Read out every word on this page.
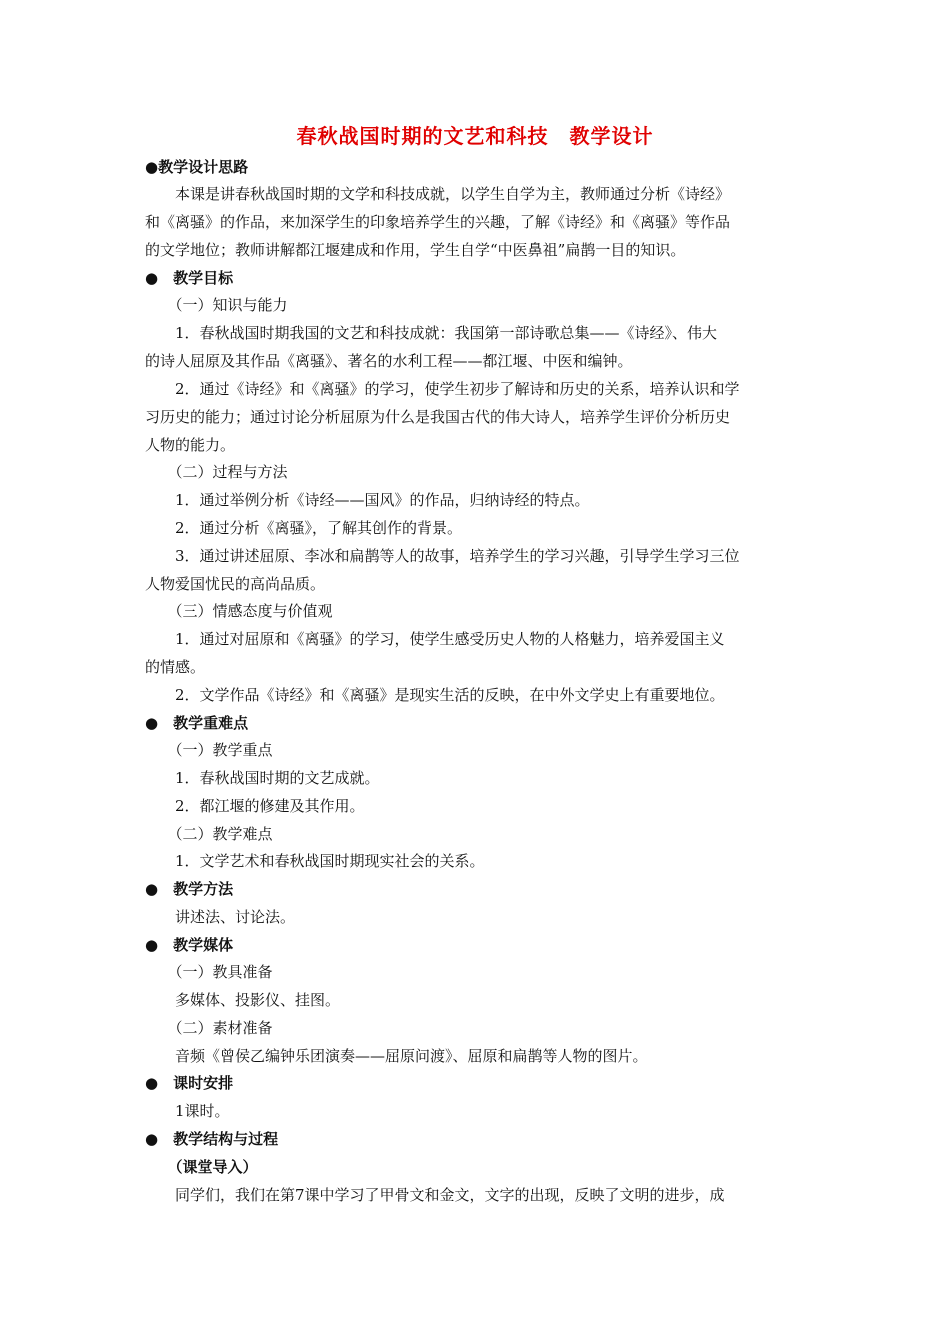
春秋战国时期的文艺和科技　教学设计
●教学设计思路
　　本课是讲春秋战国时期的文学和科技成就，以学生自学为主，教师通过分析《诗经》
和《离骚》的作品，来加深学生的印象培养学生的兴趣，了解《诗经》和《离骚》等作品
的文学地位；教师讲解都江堰建成和作用，学生自学“中医鼻祖”扁鹊一目的知识。
●　教学目标
　　（一）知识与能力
　　1．春秋战国时期我国的文艺和科技成就：我国第一部诗歌总集——《诗经》、伟大
的诗人屈原及其作品《离骚》、著名的水利工程——都江堰、中医和编钟。
　　2．通过《诗经》和《离骚》的学习，使学生初步了解诗和历史的关系，培养认识和学
习历史的能力；通过讨论分析屈原为什么是我国古代的伟大诗人，培养学生评价分析历史
人物的能力。
　　（二）过程与方法
　　1．通过举例分析《诗经——国风》的作品，归纳诗经的特点。
　　2．通过分析《离骚》，了解其创作的背景。
　　3．通过讲述屈原、李冰和扁鹊等人的故事，培养学生的学习兴趣，引导学生学习三位
人物爱国忧民的高尚品质。
　　（三）情感态度与价值观
　　1．通过对屈原和《离骚》的学习，使学生感受历史人物的人格魅力，培养爱国主义
的情感。
　　2．文学作品《诗经》和《离骚》是现实生活的反映，在中外文学史上有重要地位。
●　教学重难点
　　（一）教学重点
　　1．春秋战国时期的文艺成就。
　　2．都江堰的修建及其作用。
　　（二）教学难点
　　1．文学艺术和春秋战国时期现实社会的关系。
●　教学方法
　　讲述法、讨论法。
●　教学媒体
　　（一）教具准备
　　多媒体、投影仪、挂图。
　　（二）素材准备
　　音频《曾侯乙编钟乐团演奏——屈原问渡》、屈原和扁鹊等人物的图片。
●　课时安排
　　1课时。
●　教学结构与过程
　　（课堂导入）
　　同学们，我们在第7课中学习了甲骨文和金文，文字的出现，反映了文明的进步，成
